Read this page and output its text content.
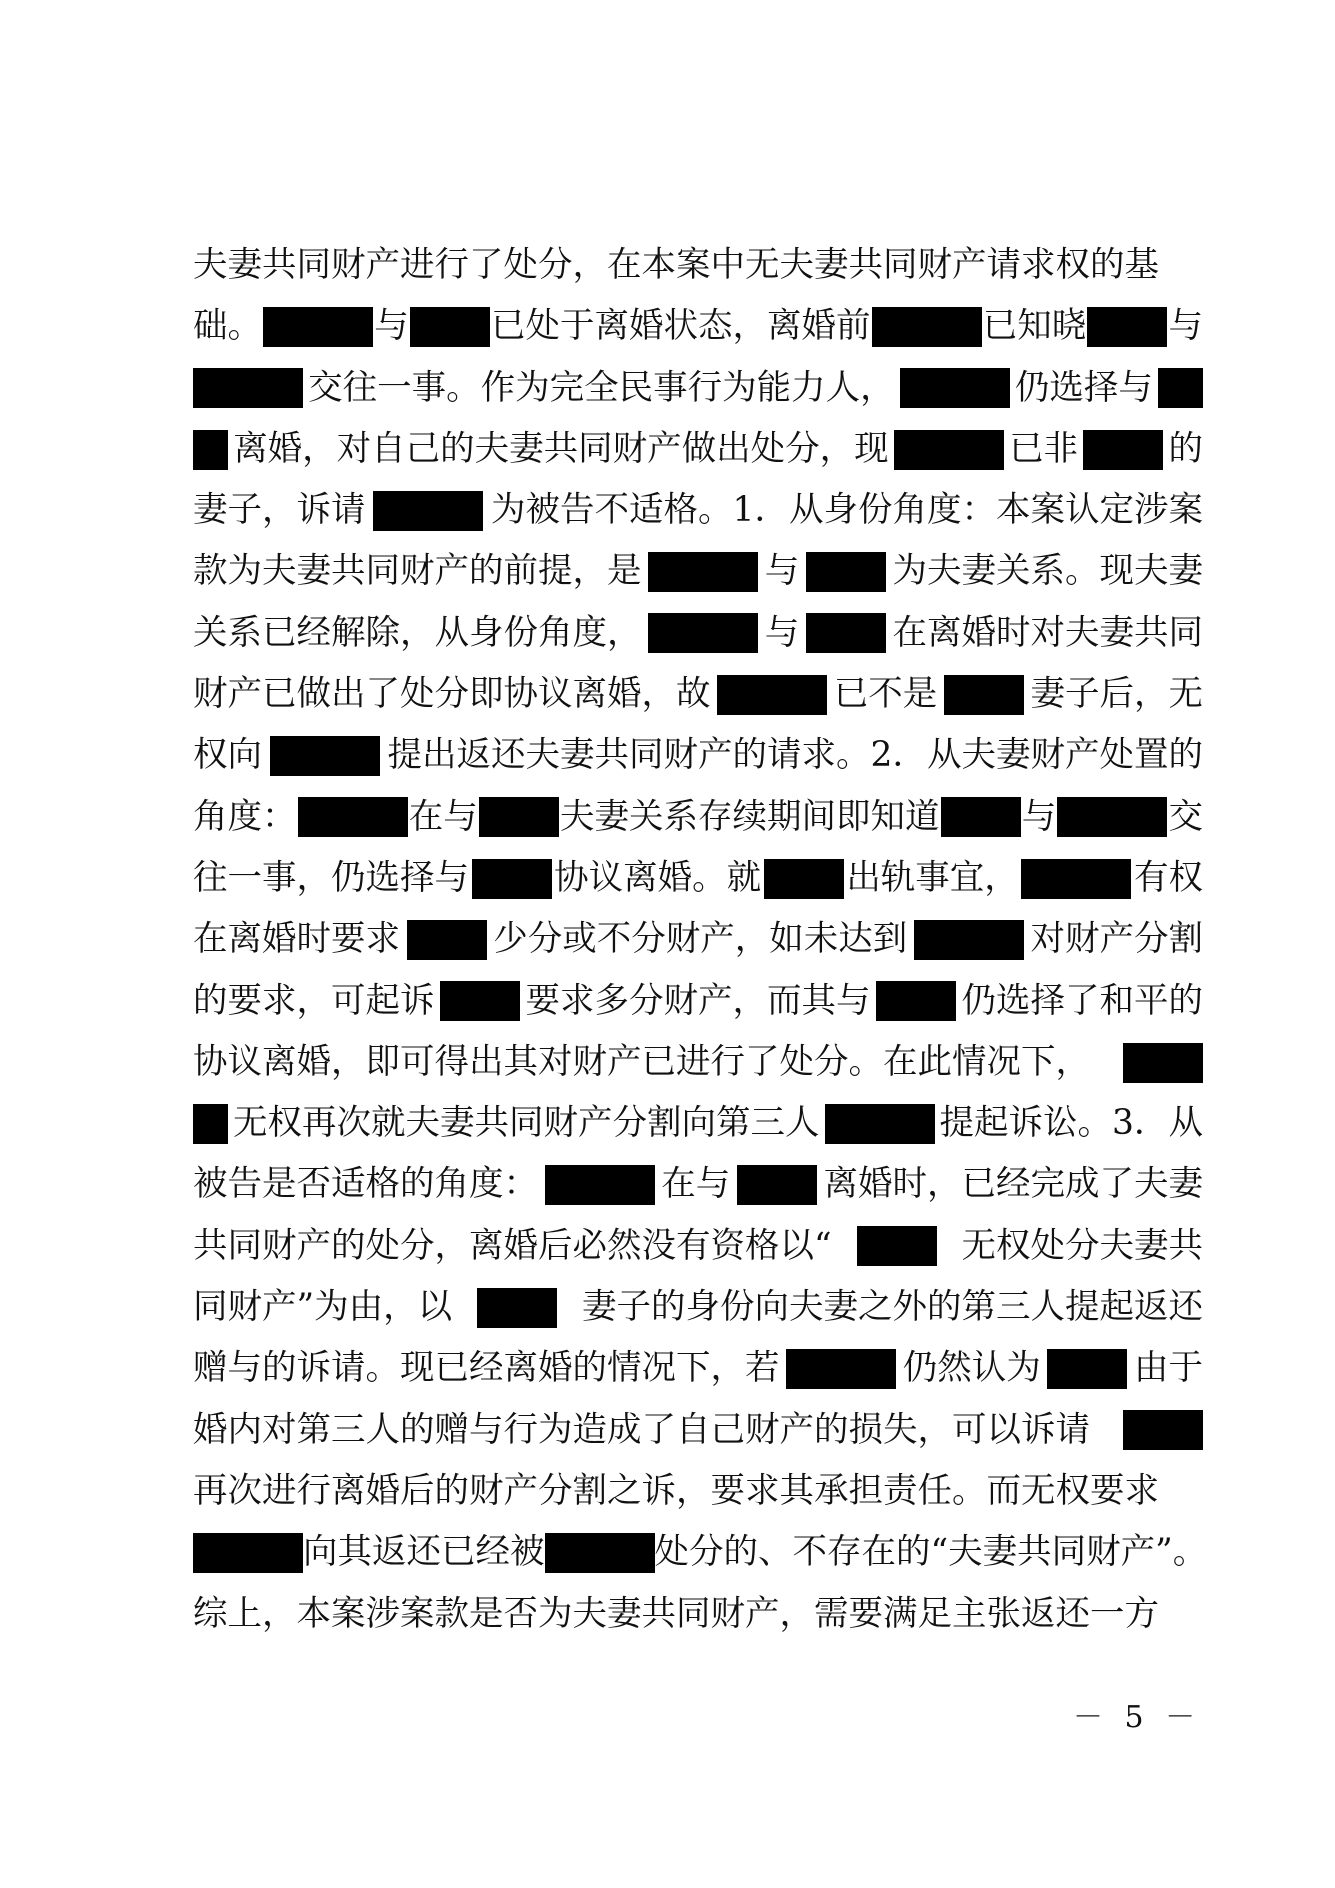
夫妻共同财产进行了处分，在本案中无夫妻共同财产请求权的基
础。	与 已处于离婚状态，离婚前	已知晓 与
交往一事。作为完全民事行为能力人，	仍选择与
离婚，对自己的夫妻共同财产做出处分，现	已非	的
妻子，诉请	为被告不适格。1．从身份角度：本案认定涉案
款为夫妻共同财产的前提，是	与	为夫妻关系。现夫妻
关系已经解除，从身份角度，	与	在离婚时对夫妻共同
财产已做出了处分即协议离婚，故	已不是	妻子后，无
权向	提出返还夫妻共同财产的请求。2．从夫妻财产处置的
角度：	在与 夫妻关系存续期间即知道 与	交
往一事，仍选择与 协议离婚。就 出轨事宜，	有权
在离婚时要求	少分或不分财产，如未达到	对财产分割
的要求，可起诉	要求多分财产，而其与	仍选择了和平的
协议离婚，即可得出其对财产已进行了处分。在此情况下，
无权再次就夫妻共同财产分割向第三人	提起诉讼。3．从
被告是否适格的角度：	在与	离婚时，已经完成了夫妻
共同财产的处分，离婚后必然没有资格以“	无权处分夫妻共
同财产”为由，以	妻子的身份向夫妻之外的第三人提起返还
赠与的诉请。现已经离婚的情况下，若	仍然认为	由于
婚内对第三人的赠与行为造成了自己财产的损失，可以诉请
再次进行离婚后的财产分割之诉，要求其承担责任。而无权要求
向其返还已经被	处分的、不存在的“夫妻共同财产”。
综上，本案涉案款是否为夫妻共同财产，需要满足主张返还一方
－ 5 －
